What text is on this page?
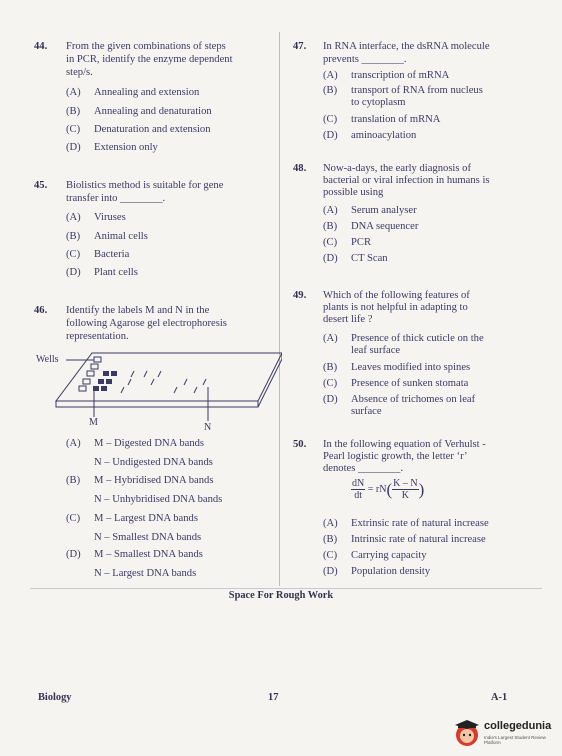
44. From the given combinations of steps
in PCR, identify the enzyme dependent
step/s.
(A) Annealing and extension
(B) Annealing and denaturation
(C) Denaturation and extension
(D) Extension only
45. Biolistics method is suitable for gene
transfer into ________.
(A) Viruses
(B) Animal cells
(C) Bacteria
(D) Plant cells
46. Identify the labels M and N in the
following Agarose gel electrophoresis
representation.
Wells
M	N
(A) M – Digested DNA bands
N – Undigested DNA bands
(B) M – Hybridised DNA bands
N – Unhybridised DNA bands
(C) M – Largest DNA bands
N – Smallest DNA bands
(D) M – Smallest DNA bands
N – Largest DNA bands
47. In RNA interface, the dsRNA molecule
prevents ________.
(A) transcription of mRNA
(B) transport of RNA from nucleus
to cytoplasm
(C) translation of mRNA
(D) aminoacylation
48. Now-a-days, the early diagnosis of
bacterial or viral infection in humans is
possible using
(A) Serum analyser
(B) DNA sequencer
(C) PCR
(D) CT Scan
49. Which of the following features of
plants is not helpful in adapting to
desert life ?
(A) Presence of thick cuticle on the
leaf surface
(B) Leaves modified into spines
(C) Presence of sunken stomata
(D) Absence of trichomes on leaf
surface
50. In the following equation of Verhulst -
Pearl logistic growth, the letter ‘r’
denotes ________.
$\frac{dN}{dt} = rN( \frac{K - N}{K}$ )
(A) Extrinsic rate of natural increase
(B) Intrinsic rate of natural increase
(C) Carrying capacity
(D) Population density
Space For Rough Work
Biology	17	A-1
collegedunia
India's Largest Student Review Platform
